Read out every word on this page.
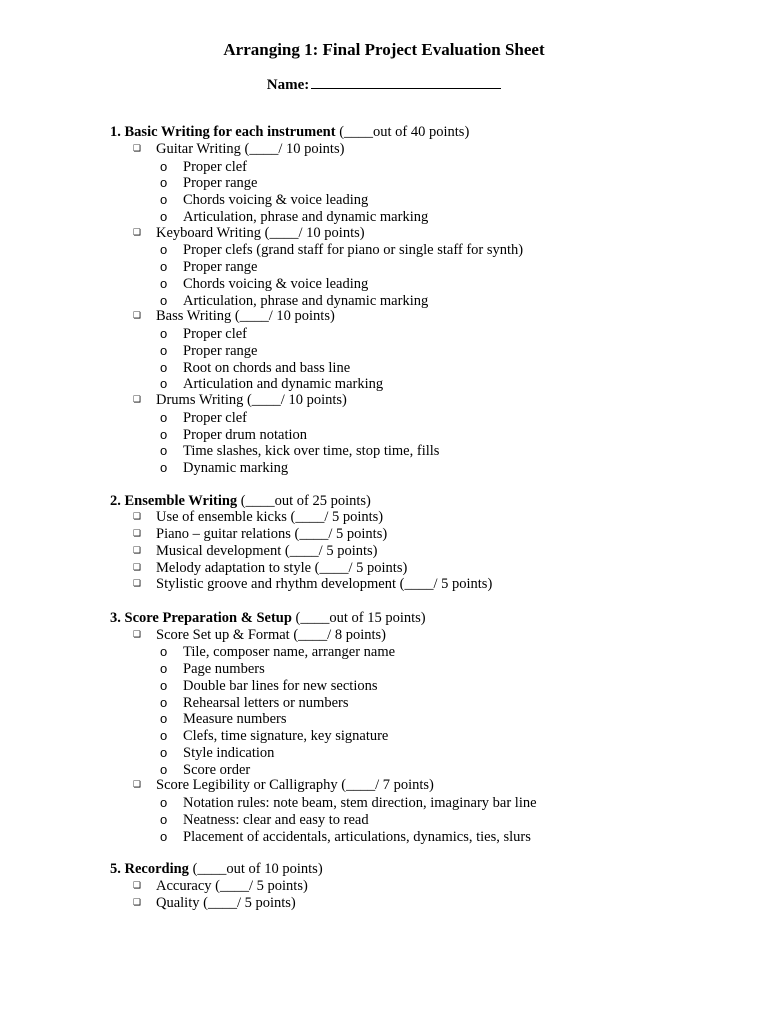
Arranging 1: Final Project Evaluation Sheet
Name:
1. Basic Writing for each instrument (____out of 40 points)
❏ Guitar Writing (____/ 10 points)
o Proper clef
o Proper range
o Chords voicing & voice leading
o Articulation, phrase and dynamic marking
❏ Keyboard Writing (____/ 10 points)
o Proper clefs (grand staff for piano or single staff for synth)
o Proper range
o Chords voicing & voice leading
o Articulation, phrase and dynamic marking
❏ Bass Writing (____/ 10 points)
o Proper clef
o Proper range
o Root on chords and bass line
o Articulation and dynamic marking
❏ Drums Writing (____/ 10 points)
o Proper clef
o Proper drum notation
o Time slashes, kick over time, stop time, fills
o Dynamic marking
2. Ensemble Writing (____out of 25 points)
❏ Use of ensemble kicks (____/ 5 points)
❏ Piano – guitar relations (____/ 5 points)
❏ Musical development (____/ 5 points)
❏ Melody adaptation to style (____/ 5 points)
❏ Stylistic groove and rhythm development (____/ 5 points)
3. Score Preparation & Setup (____out of 15 points)
❏ Score Set up & Format (____/ 8 points)
o Tile, composer name, arranger name
o Page numbers
o Double bar lines for new sections
o Rehearsal letters or numbers
o Measure numbers
o Clefs, time signature, key signature
o Style indication
o Score order
❏ Score Legibility or Calligraphy (____/ 7 points)
o Notation rules: note beam, stem direction, imaginary bar line
o Neatness: clear and easy to read
o Placement of accidentals, articulations, dynamics, ties, slurs
5. Recording (____out of 10 points)
❏ Accuracy (____/ 5 points)
❏ Quality (____/ 5 points)
